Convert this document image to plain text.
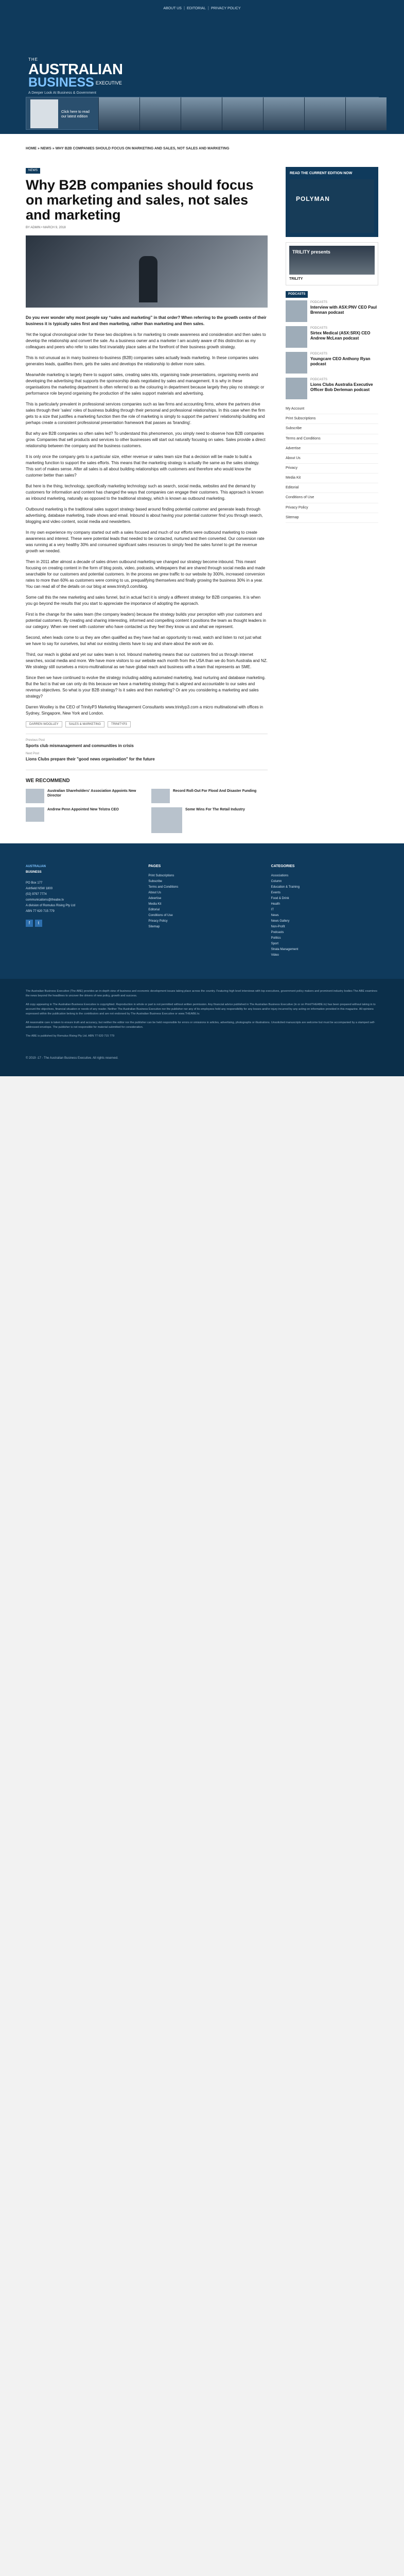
ABOUT US | EDITORIAL | PRIVACY POLICY
THE
AUSTRALIAN
BUSINESS EXECUTIVE
A Deeper Look At Business & Government
Click here to read our latest edition
HOME » NEWS » WHY B2B COMPANIES SHOULD FOCUS ON MARKETING AND SALES, NOT SALES AND MARKETING
NEWS
Why B2B companies should focus on marketing and sales, not sales and marketing
BY ADMIN • MARCH 9, 2018

Do you ever wonder why most people say “sales and marketing” in that order? When referring to the growth centre of their business it is typically sales first and then marketing, rather than marketing and then sales.

Yet the logical chronological order for these two disciplines is for marketing to create awareness and consideration and then sales to develop the relationship and convert the sale. As a business owner and a marketer I am acutely aware of this distinction as my colleagues and peers who refer to sales first invariably place sales at the forefront of their business growth strategy.

This is not unusual as in many business-to-business (B2B) companies sales actually leads marketing. In these companies sales generates leads, qualifies them, gets the sales and develops the relationship to deliver more sales.

Meanwhile marketing is largely there to support sales, creating sales kits, organising trade presentations, organising events and developing the advertising that supports the sponsorship deals negotiated by sales and management. It is why in these organisations the marketing department is often referred to as the colouring in department because largely they play no strategic or performance role beyond organising the production of the sales support materials and advertising.

This is particularly prevalent in professional services companies such as law firms and accounting firms, where the partners drive sales through their 'sales' roles of business building through their personal and professional relationships. In this case when the firm gets to a size that justifies a marketing function then the role of marketing is simply to support the partners' relationship building and perhaps create a consistent professional presentation framework that passes as 'branding'.

But why are B2B companies so often sales led? To understand this phenomenon, you simply need to observe how B2B companies grow. Companies that sell products and services to other businesses will start out naturally focusing on sales. Sales provide a direct relationship between the company and the business customers.

It is only once the company gets to a particular size, either revenue or sales team size that a decision will be made to build a marketing function to support the sales efforts. This means that the marketing strategy is actually the same as the sales strategy. This sort of makes sense. After all sales is all about building relationships with customers and therefore who would know the customer better than sales?

But here is the thing, technology, specifically marketing technology such as search, social media, websites and the demand by customers for information and content has changed the ways that companies can engage their customers. This approach is known as inbound marketing, naturally as opposed to the traditional strategy, which is known as outbound marketing.

Outbound marketing is the traditional sales support strategy based around finding potential customer and generate leads through advertising, database marketing, trade shows and email. Inbound is about having your potential customer find you through search, blogging and video content, social media and newsletters.

In my own experience my company started out with a sales focused and much of our efforts were outbound marketing to create awareness and interest. These were potential leads that needed to be contacted, nurtured and then converted. Our conversion rate was running at a very healthy 30% and consumed significant sales resources to simply feed the sales funnel to get the revenue growth we needed.

Then in 2011 after almost a decade of sales driven outbound marketing we changed our strategy become inbound. This meant focusing on creating content in the form of blog posts, video, podcasts, whitepapers that are shared through social media and made searchable for our customers and potential customers. In the process we grew traffic to our website by 300%, increased conversion rates to more than 60% as customers were coming to us, prequalifying themselves and finally growing the business 30% in a year. You can read all of the details on our blog at www.trinity3.com/blog.

Some call this the new marketing and sales funnel, but in actual fact it is simply a different strategy for B2B companies. It is when you go beyond the results that you start to appreciate the importance of adopting the approach.

First is the change for the sales team (the company leaders) because the strategy builds your perception with your customers and potential customers. By creating and sharing interesting, informed and compelling content it positions the team as thought leaders in our category. When we meet with customer who have contacted us they feel they know us and what we represent.

Second, when leads come to us they are often qualified as they have had an opportunity to read, watch and listen to not just what we have to say for ourselves, but what our existing clients have to say and share about the work we do.

Third, our reach is global and yet our sales team is not. Inbound marketing means that our customers find us through internet searches, social media and more. We have more visitors to our website each month from the USA than we do from Australia and NZ. We strategy still ourselves a micro-multinational as we have global reach and business with a team that represents an SME.

Since then we have continued to evolve the strategy including adding automated marketing, lead nurturing and database marketing. But the fact is that we can only do this because we have a marketing strategy that is aligned and accountable to our sales and revenue objectives. So what is your B2B strategy? Is it sales and then marketing? Or are you considering a marketing and sales strategy?

Darren Woolley is the CEO of TrinityP3 Marketing Management Consultants www.trinityp3.com a micro multinational with offices in Sydney, Singapore, New York and London.

DARREN WOOLLEY	SALES & MARKETING	TRINITYP3
Previous Post
Sports club mismanagement and communities in crisis
Next Post
Lions Clubs prepare their "good news organisation" for the future
WE RECOMMEND
Australian Shareholders' Association Appoints New Director
Record Roll-Out For Flood And Disaster Funding
Andrew Penn Appointed New Telstra CEO	Some Wins For The Retail Industry
READ THE CURRENT EDITION NOW
POLYMAN
TRILITY presents
TRILITY
PODCASTS
PODCASTS
Interview with ASX:PNV CEO Paul Brennan podcast
PODCASTS
Sirtex Medical (ASX:SRX) CEO Andrew McLean podcast
PODCASTS
Youngcare CEO Anthony Ryan podcast
PODCASTS
Lions Clubs Australia Executive Officer Bob Derleman podcast
My Account
Print Subscriptions
Subscribe
Terms and Conditions
Advertise
About Us
Privacy
Media Kit
Editorial
Conditions of Use
Privacy Policy
Sitemap
AUSTRALIAN
BUSINESS
PO Box 177
Ashfield NSW 1800
(02) 9797 7774
communications@theabe.tv
A division of Romulus Rising Pty Ltd
ABN 77 620 715 779
f	t
PAGES
Print Subscriptions
Subscribe
Terms and Conditions
About Us
Advertise
Media Kit
Editorial
Conditions of Use
Privacy Policy
Sitemap
CATEGORIES
Associations
Column
Education & Training
Events
Food & Drink
Health
IT
News
News Gallery
Non-Profit
Podcasts
Politics
Sport
Strata Management
Video

The Australian Business Executive (The ABE) provides an in-depth view of business and economic development issues taking place across the country. Featuring high level interviews with top executives, government policy makers and prominent industry bodies The ABE examines the news beyond the headlines to uncover the drivers of new policy, growth and success.

All copy appearing in The Australian Business Executive is copyrighted. Reproduction in whole or part is not permitted without written permission. Any financial advice published in The Australian Business Executive (in or on Print/THEABE.tv) has been prepared without taking in to account the objectives, financial situation or needs of any reader. Neither The Australian Business Executive nor the publisher nor any of its employees hold any responsibility for any losses and/or injury incurred by any acting on information provided in this magazine. All opinions expressed within the publication belong to the contributors and are not endorsed by The Australian Business Executive or www.THEABE.tv.

All reasonable care is taken to ensure truth and accuracy, but neither the editor nor the publisher can be held responsible for errors or omissions in articles, advertising, photographs or illustrations. Unsolicited manuscripts are welcome but must be accompanied by a stamped self-addressed envelope. The publisher is not responsible for material submitted for consideration.

The ABE is published by Romulus Rising Pty Ltd. ABN 77 620 715 779

© 2019 -17 - The Australian Business Executive. All rights reserved.
